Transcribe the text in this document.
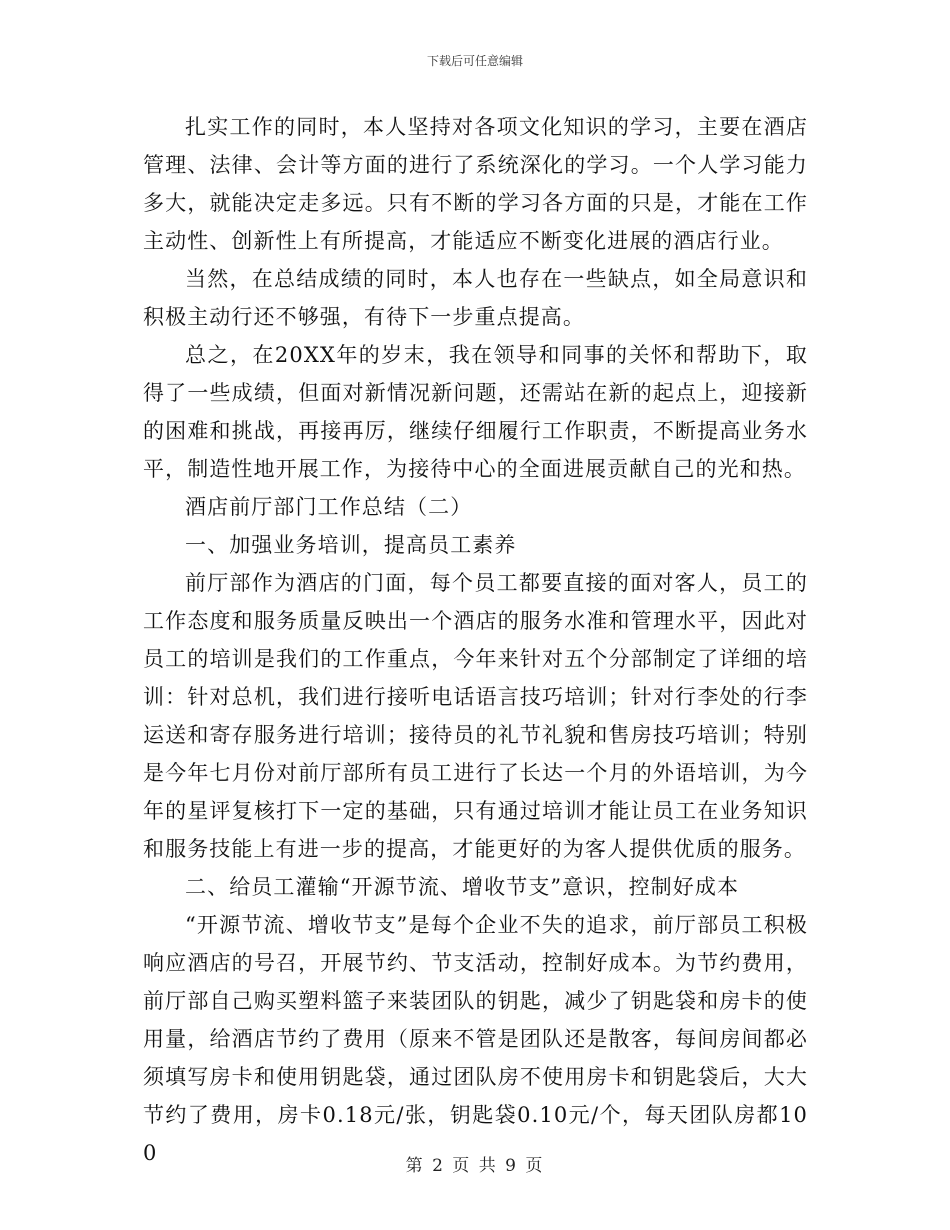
下载后可任意编辑

扎实工作的同时，本人坚持对各项文化知识的学习，主要在酒店管理、法律、会计等方面的进行了系统深化的学习。一个人学习能力多大，就能决定走多远。只有不断的学习各方面的只是，才能在工作主动性、创新性上有所提高，才能适应不断变化进展的酒店行业。

当然，在总结成绩的同时，本人也存在一些缺点，如全局意识和积极主动行还不够强，有待下一步重点提高。

总之，在20XX年的岁末，我在领导和同事的关怀和帮助下，取得了一些成绩，但面对新情况新问题，还需站在新的起点上，迎接新的困难和挑战，再接再厉，继续仔细履行工作职责，不断提高业务水平，制造性地开展工作，为接待中心的全面进展贡献自己的光和热。

酒店前厅部门工作总结（二）

一、加强业务培训，提高员工素养

前厅部作为酒店的门面，每个员工都要直接的面对客人，员工的工作态度和服务质量反映出一个酒店的服务水准和管理水平，因此对员工的培训是我们的工作重点，今年来针对五个分部制定了详细的培训：针对总机，我们进行接听电话语言技巧培训；针对行李处的行李运送和寄存服务进行培训；接待员的礼节礼貌和售房技巧培训；特别是今年七月份对前厅部所有员工进行了长达一个月的外语培训，为今年的星评复核打下一定的基础，只有通过培训才能让员工在业务知识和服务技能上有进一步的提高，才能更好的为客人提供优质的服务。

二、给员工灌输“开源节流、增收节支”意识，控制好成本

“开源节流、增收节支”是每个企业不失的追求，前厅部员工积极响应酒店的号召，开展节约、节支活动，控制好成本。为节约费用，前厅部自己购买塑料篮子来装团队的钥匙，减少了钥匙袋和房卡的使用量，给酒店节约了费用（原来不管是团队还是散客，每间房间都必须填写房卡和使用钥匙袋，通过团队房不使用房卡和钥匙袋后，大大节约了费用，房卡0.18元/张，钥匙袋0.10元/个，每天团队房都100

第 2 页 共 9 页
